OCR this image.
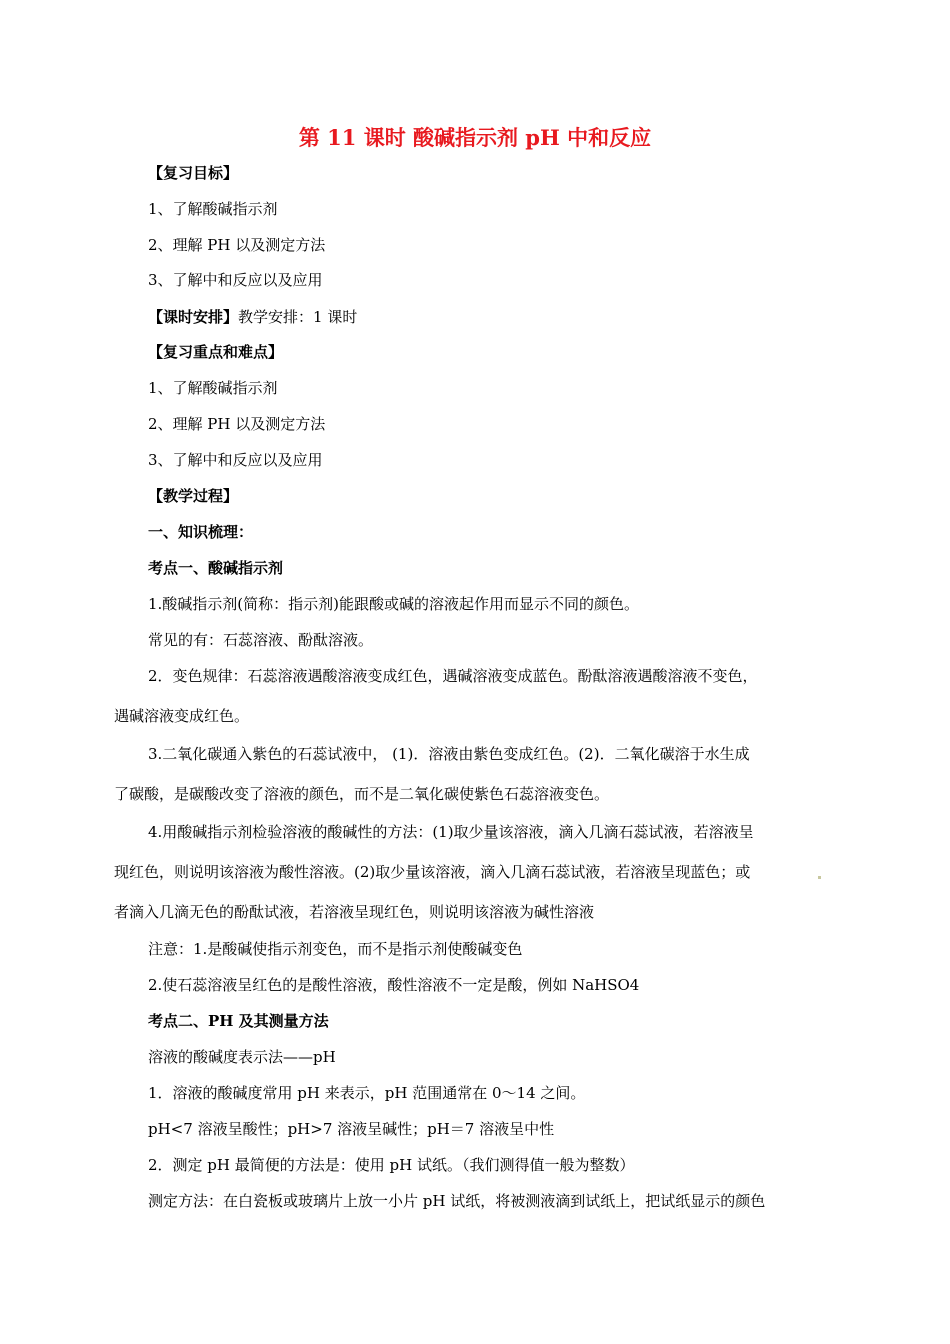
第 11 课时 酸碱指示剂 pH 中和反应
【复习目标】
1、了解酸碱指示剂
2、理解 PH 以及测定方法
3、了解中和反应以及应用
【课时安排】教学安排：1 课时
【复习重点和难点】
1、了解酸碱指示剂
2、理解 PH 以及测定方法
3、了解中和反应以及应用
【教学过程】
一、知识梳理：
考点一、酸碱指示剂
1.酸碱指示剂(简称：指示剂)能跟酸或碱的溶液起作用而显示不同的颜色。
常见的有：石蕊溶液、酚酞溶液。
2．变色规律：石蕊溶液遇酸溶液变成红色，遇碱溶液变成蓝色。酚酞溶液遇酸溶液不变色，
遇碱溶液变成红色。
3.二氧化碳通入紫色的石蕊试液中， (1)．溶液由紫色变成红色。(2)．二氧化碳溶于水生成
了碳酸，是碳酸改变了溶液的颜色，而不是二氧化碳使紫色石蕊溶液变色。
4.用酸碱指示剂检验溶液的酸碱性的方法：(1)取少量该溶液，滴入几滴石蕊试液，若溶液呈
现红色，则说明该溶液为酸性溶液。(2)取少量该溶液，滴入几滴石蕊试液，若溶液呈现蓝色；或
者滴入几滴无色的酚酞试液，若溶液呈现红色，则说明该溶液为碱性溶液
注意：1.是酸碱使指示剂变色，而不是指示剂使酸碱变色
2.使石蕊溶液呈红色的是酸性溶液，酸性溶液不一定是酸，例如 NaHSO4
考点二、PH 及其测量方法
溶液的酸碱度表示法——pH
1．溶液的酸碱度常用 pH 来表示，pH 范围通常在 0～14 之间。
pH<7 溶液呈酸性；pH>7 溶液呈碱性；pH＝7 溶液呈中性
2．测定 pH 最简便的方法是：使用 pH 试纸。（我们测得值一般为整数）
测定方法：在白瓷板或玻璃片上放一小片 pH 试纸，将被测液滴到试纸上，把试纸显示的颜色
